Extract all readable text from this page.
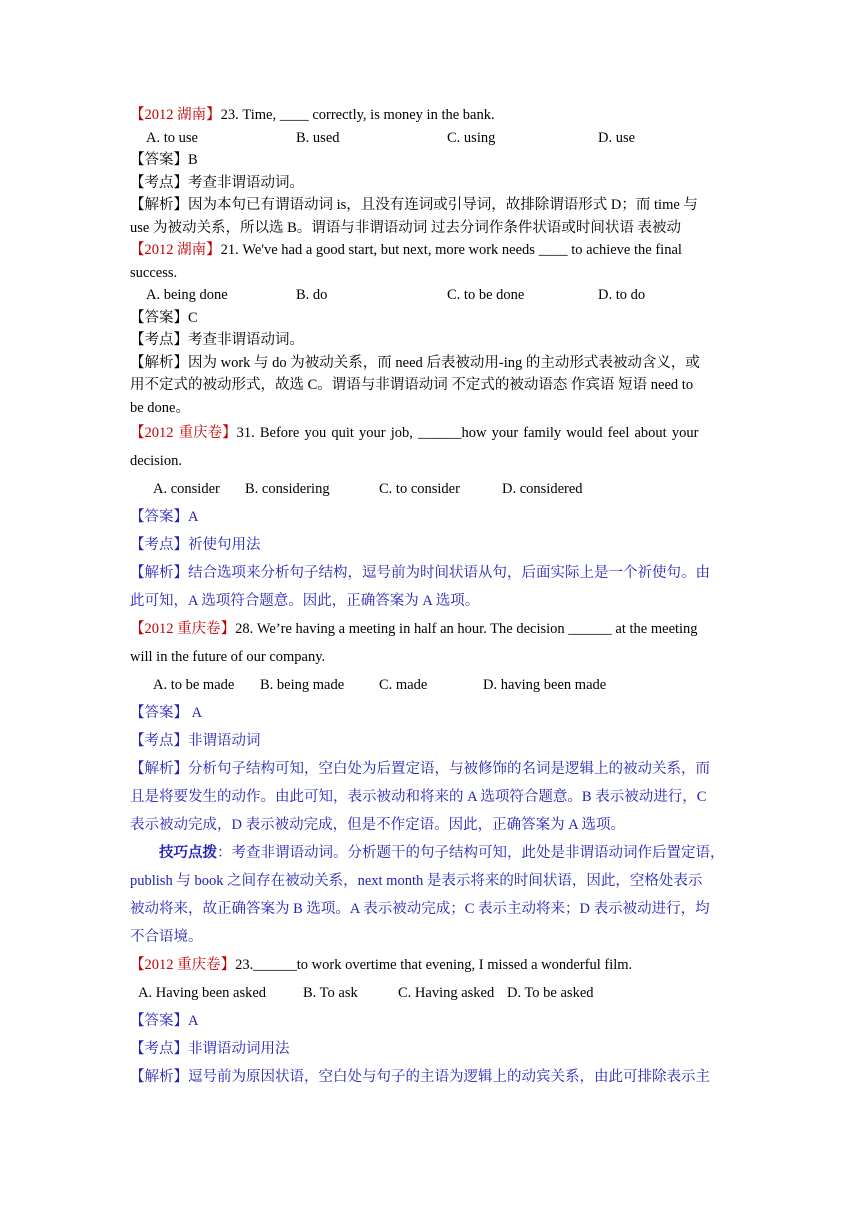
【2012 湖南】23. Time, ____ correctly, is money in the bank.

A. to use	B. used	C. using	D. use

【答案】B

【考点】考查非谓语动词。

【解析】因为本句已有谓语动词 is，且没有连词或引导词，故排除谓语形式 D；而 time 与

use 为被动关系，所以选 B。谓语与非谓语动词 过去分词作条件状语或时间状语 表被动

【2012 湖南】21. We've had a good start, but next, more work needs ____ to achieve the final

success.

A. being done	B. do	C. to be done	D. to do

【答案】C

【考点】考查非谓语动词。

【解析】因为 work 与 do 为被动关系，而 need 后表被动用-ing 的主动形式表被动含义，或

用不定式的被动形式，故选 C。谓语与非谓语动词 不定式的被动语态 作宾语 短语 need to

be done。

【2012 重庆卷】31. Before you quit your job, ______how your family would feel about your

decision.

A. consider	B. considering	C. to consider	D. considered

【答案】A

【考点】祈使句用法

【解析】结合选项来分析句子结构，逗号前为时间状语从句，后面实际上是一个祈使句。由

此可知，A 选项符合题意。因此，正确答案为 A 选项。

【2012 重庆卷】28. We’re having a meeting in half an hour. The decision ______ at the meeting

will in the future of our company.

A. to be made	B. being made	C. made	D. having been made

【答案】 A

【考点】非谓语动词

【解析】分析句子结构可知，空白处为后置定语，与被修饰的名词是逻辑上的被动关系，而

且是将要发生的动作。由此可知，表示被动和将来的 A 选项符合题意。B 表示被动进行，C

表示被动完成，D 表示被动完成，但是不作定语。因此，正确答案为 A 选项。

技巧点拨：考查非谓语动词。分析题干的句子结构可知，此处是非谓语动词作后置定语，

publish 与 book 之间存在被动关系，next month 是表示将来的时间状语，因此，空格处表示

被动将来，故正确答案为 B 选项。A 表示被动完成；C 表示主动将来；D 表示被动进行，均

不合语境。

【2012 重庆卷】23.______to work overtime that evening, I missed a wonderful film.

A. Having been asked	B. To ask	C. Having asked D. To be asked

【答案】A

【考点】非谓语动词用法

【解析】逗号前为原因状语，空白处与句子的主语为逻辑上的动宾关系，由此可排除表示主
